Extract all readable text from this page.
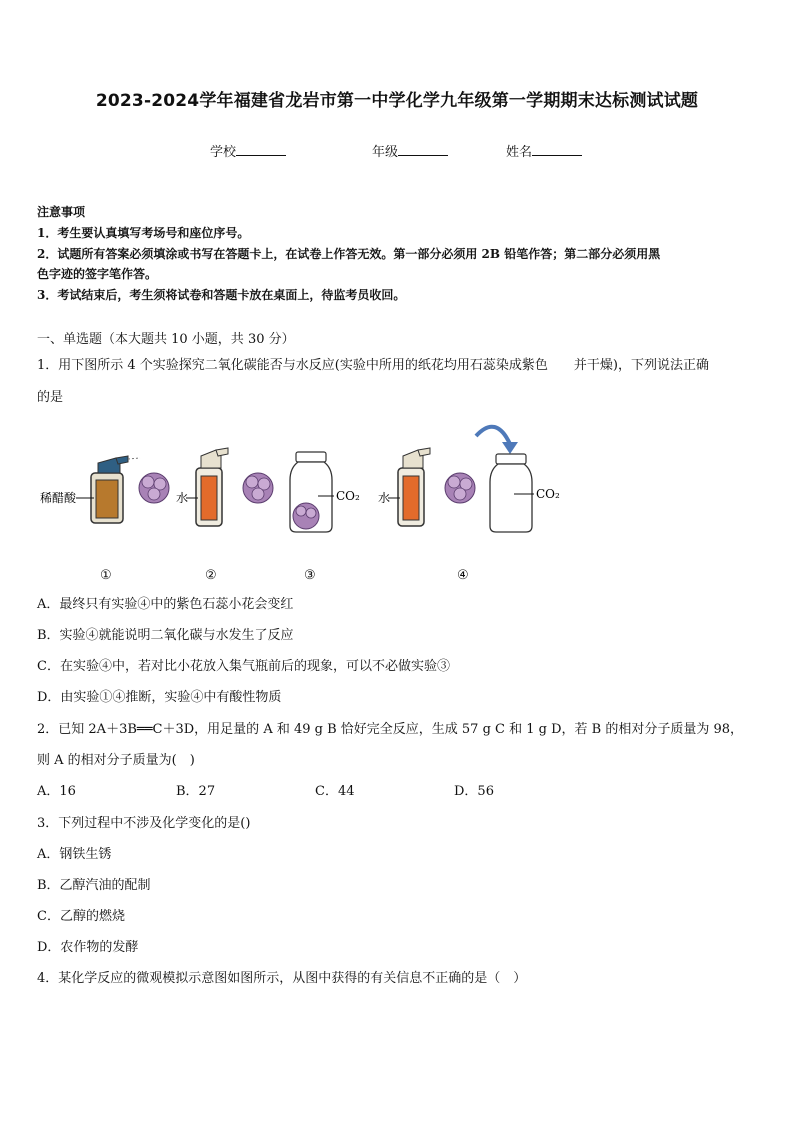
2023-2024学年福建省龙岩市第一中学化学九年级第一学期期末达标测试试题
学校	年级	姓名
注意事项
1．考生要认真填写考场号和座位序号。
2．试题所有答案必须填涂或书写在答题卡上，在试卷上作答无效。第一部分必须用 2B 铅笔作答；第二部分必须用黑
色字迹的签字笔作答。
3．考试结束后，考生须将试卷和答题卡放在桌面上，待监考员收回。
一、单选题（本大题共 10 小题，共 30 分）
1．用下图所示 4 个实验探究二氧化碳能否与水反应(实验中所用的纸花均用石蕊染成紫色　　并干燥)，下列说法正确
的是
稀醋酸	水	CO₂ 水	CO₂
①	②	③	④
A．最终只有实验④中的紫色石蕊小花会变红
B．实验④就能说明二氧化碳与水发生了反应
C．在实验④中，若对比小花放入集气瓶前后的现象，可以不必做实验③
D．由实验①④推断，实验④中有酸性物质
2．已知 2A＋3B══C＋3D，用足量的 A 和 49 g B 恰好完全反应，生成 57 g C 和 1 g D，若 B 的相对分子质量为 98，
则 A 的相对分子质量为(　)
A．16	B．27	C．44	D．56
3．下列过程中不涉及化学变化的是()
A．钢铁生锈
B．乙醇汽油的配制
C．乙醇的燃烧
D．农作物的发酵
4．某化学反应的微观模拟示意图如图所示，从图中获得的有关信息不正确的是（　）
